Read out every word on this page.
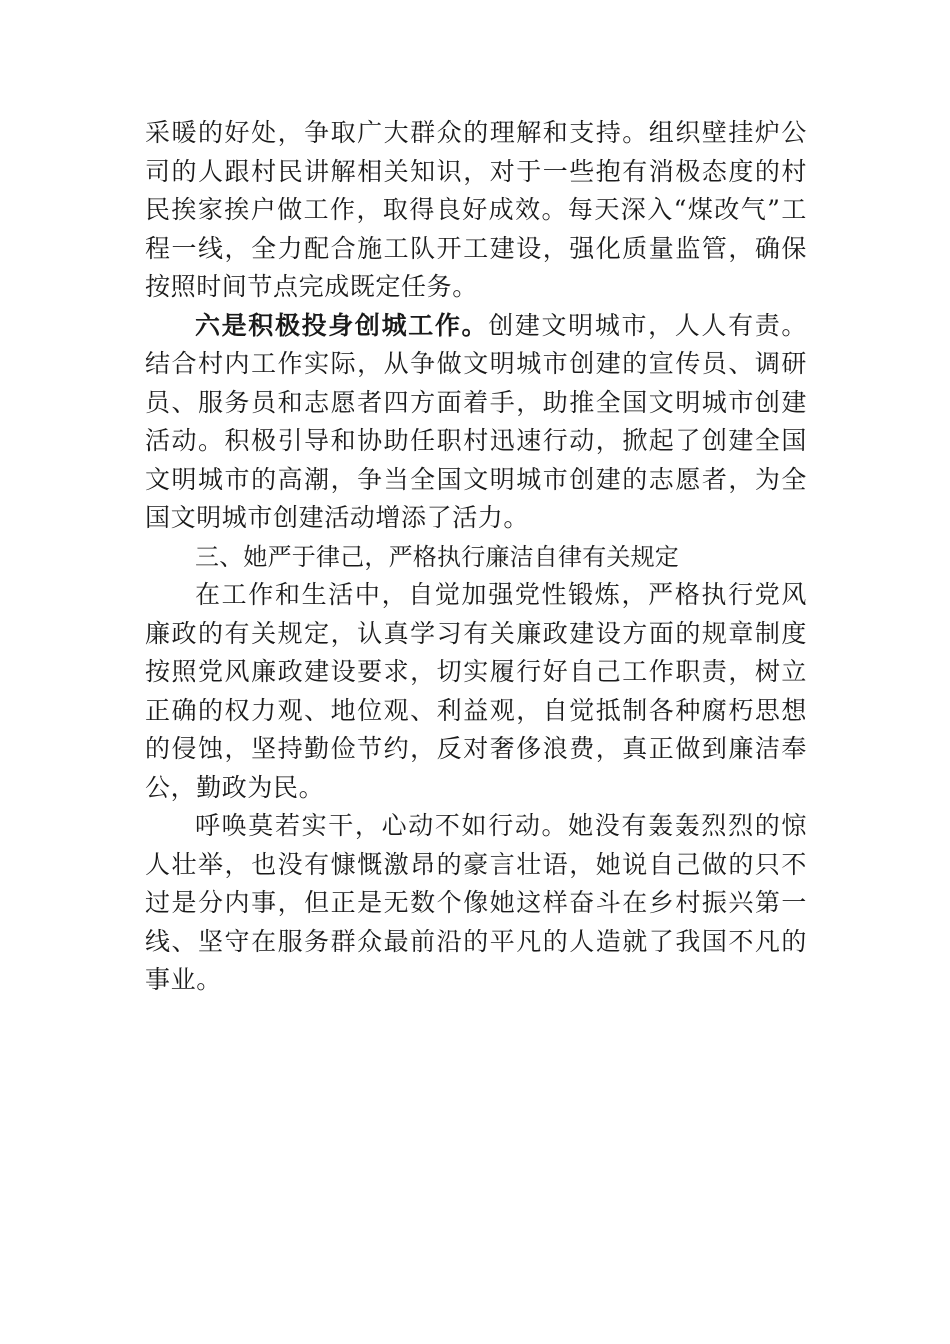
采暖的好处，争取广大群众的理解和支持。组织壁挂炉公司的人跟村民讲解相关知识，对于一些抱有消极态度的村民挨家挨户做工作，取得良好成效。每天深入“煤改气”工程一线，全力配合施工队开工建设，强化质量监管，确保按照时间节点完成既定任务。

六是积极投身创城工作。创建文明城市，人人有责。结合村内工作实际，从争做文明城市创建的宣传员、调研员、服务员和志愿者四方面着手，助推全国文明城市创建活动。积极引导和协助任职村迅速行动，掀起了创建全国文明城市的高潮，争当全国文明城市创建的志愿者，为全国文明城市创建活动增添了活力。

三、她严于律己，严格执行廉洁自律有关规定

在工作和生活中，自觉加强党性锻炼，严格执行党风廉政的有关规定，认真学习有关廉政建设方面的规章制度按照党风廉政建设要求，切实履行好自己工作职责，树立正确的权力观、地位观、利益观，自觉抵制各种腐朽思想的侵蚀，坚持勤俭节约，反对奢侈浪费，真正做到廉洁奉公，勤政为民。

呼唤莫若实干，心动不如行动。她没有轰轰烈烈的惊人壮举，也没有慷慨激昂的豪言壮语，她说自己做的只不过是分内事，但正是无数个像她这样奋斗在乡村振兴第一线、坚守在服务群众最前沿的平凡的人造就了我国不凡的事业。
